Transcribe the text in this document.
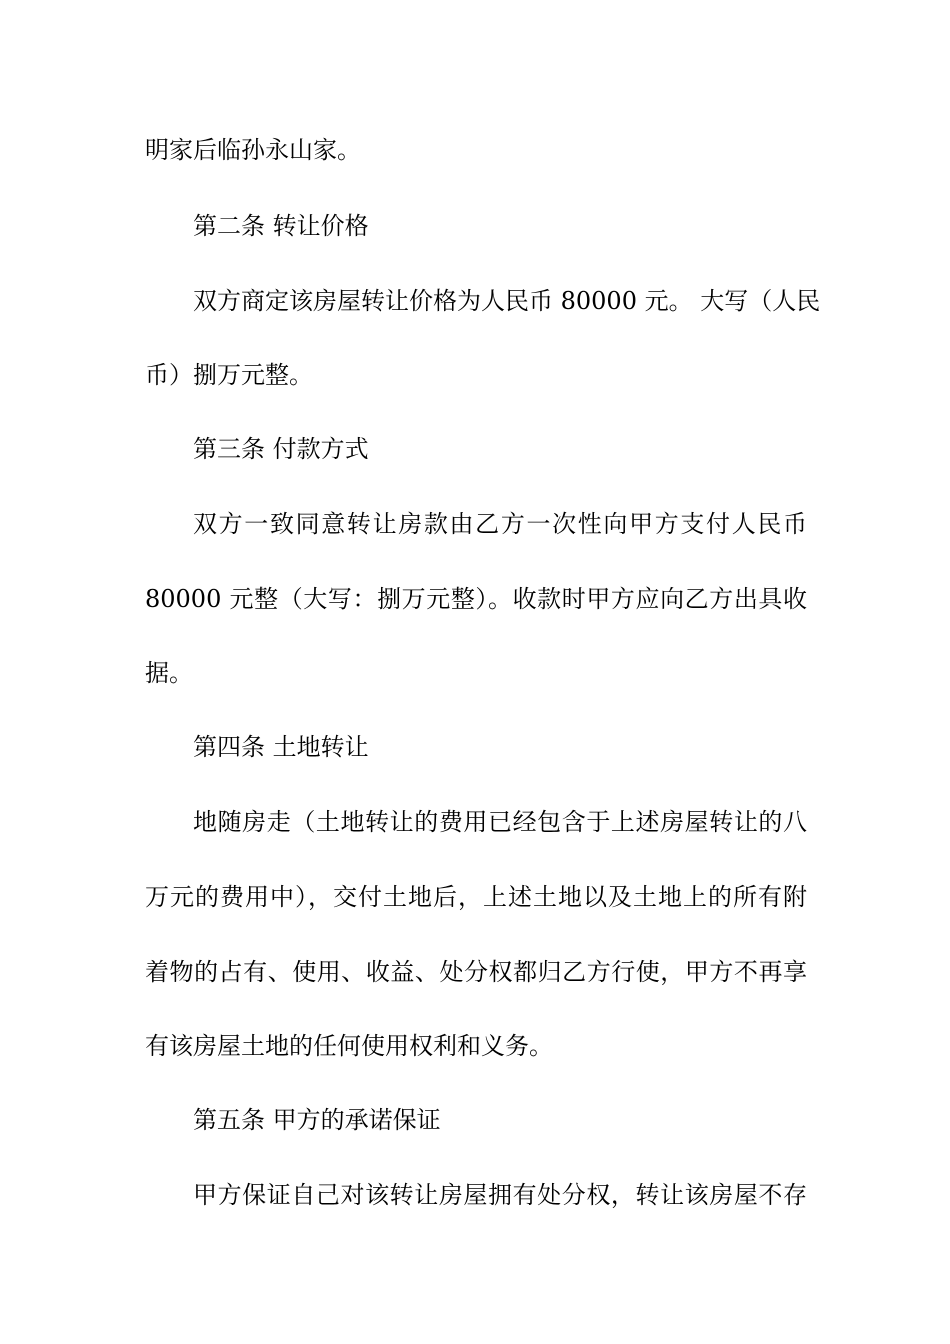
明家后临孙永山家。
第二条 转让价格
双方商定该房屋转让价格为人民币 80000 元。 大写（人民
币）捌万元整。
第三条 付款方式
双方一致同意转让房款由乙方一次性向甲方支付人民币
80000 元整（大写：捌万元整）。收款时甲方应向乙方出具收
据。
第四条 土地转让
地随房走（土地转让的费用已经包含于上述房屋转让的八
万元的费用中），交付土地后，上述土地以及土地上的所有附
着物的占有、使用、收益、处分权都归乙方行使，甲方不再享
有该房屋土地的任何使用权利和义务。
第五条 甲方的承诺保证
甲方保证自己对该转让房屋拥有处分权，转让该房屋不存
